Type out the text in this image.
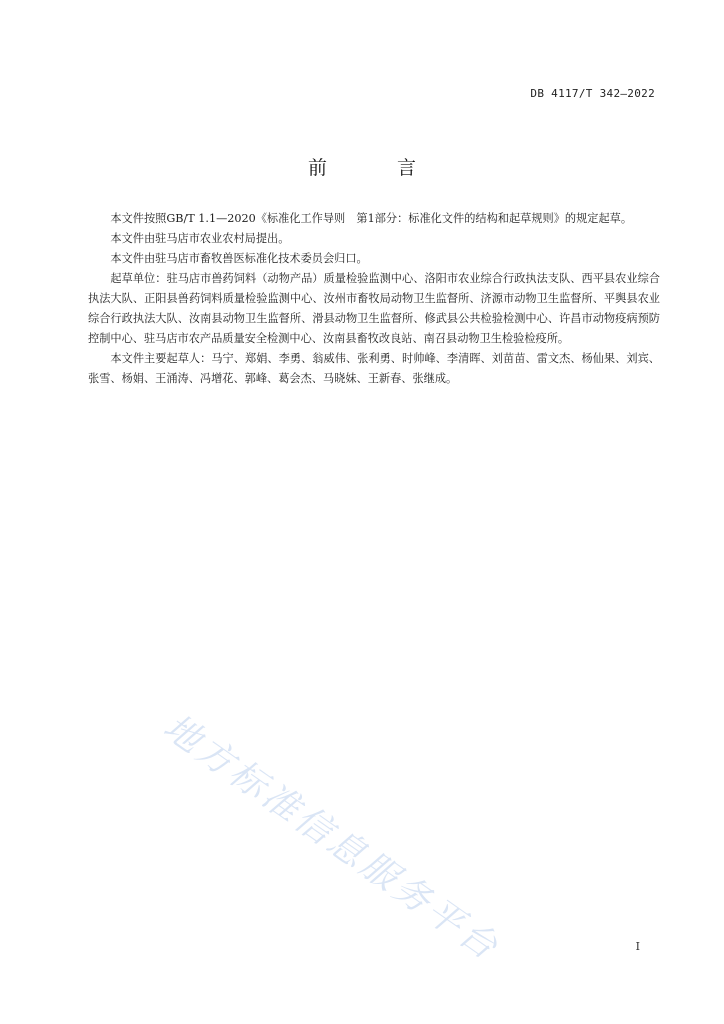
DB 4117/T 342—2022
前 言

本文件按照GB/T 1.1—2020《标准化工作导则　第1部分：标准化文件的结构和起草规则》的规定起草。

本文件由驻马店市农业农村局提出。

本文件由驻马店市畜牧兽医标准化技术委员会归口。

起草单位：驻马店市兽药饲料（动物产品）质量检验监测中心、洛阳市农业综合行政执法支队、西平县农业综合执法大队、正阳县兽药饲料质量检验监测中心、汝州市畜牧局动物卫生监督所、济源市动物卫生监督所、平舆县农业综合行政执法大队、汝南县动物卫生监督所、滑县动物卫生监督所、修武县公共检验检测中心、许昌市动物疫病预防控制中心、驻马店市农产品质量安全检测中心、汝南县畜牧改良站、南召县动物卫生检验检疫所。

本文件主要起草人：马宁、郑娟、李勇、翁威伟、张利勇、时帅峰、李清晖、刘苗苗、雷文杰、杨仙果、刘宾、张雪、杨娟、王涌涛、冯增花、郭峰、葛会杰、马晓妹、王新春、张继成。

地方标准信息服务平台	I
